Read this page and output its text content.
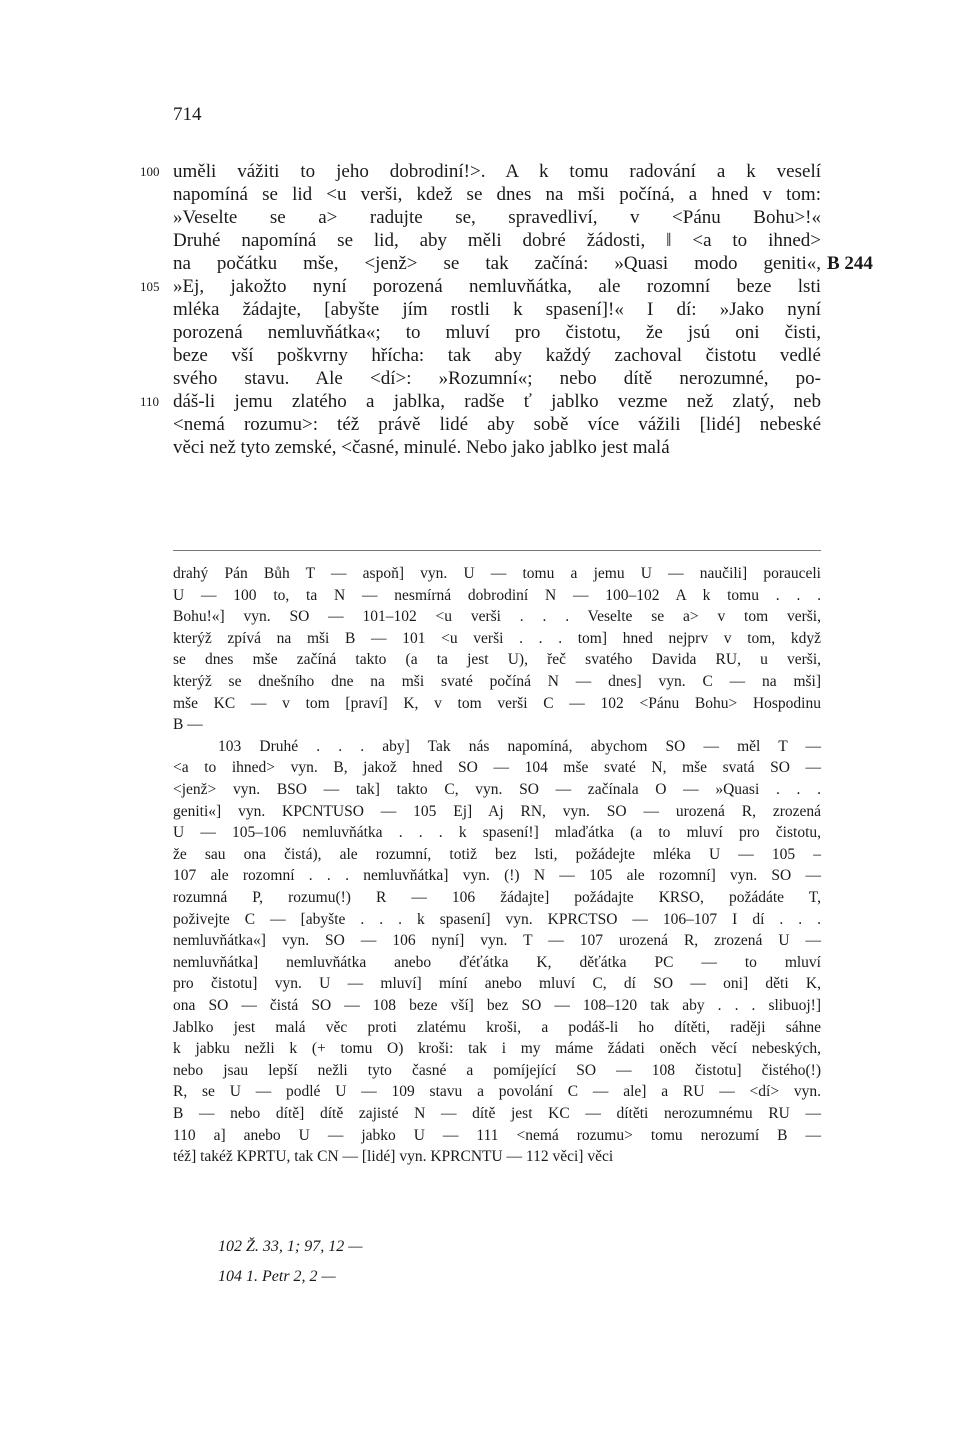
714
100 uměli vážiti to jeho dobrodiní!>. A k tomu radování a k veselí
napomíná se lid <u verši, kdež se dnes na mši počíná, a hned v tom:
»Veselte se a> radujte se, spravedliví, v <Pánu Bohu>!«
Druhé napomíná se lid, aby měli dobré žádosti, ‖ <a to ihned>
na počátku mše, <jenž> se tak začíná: »Quasi modo geniti«,
105 »Ej, jakožto nyní porozená nemluvňátka, ale rozomní beze lsti
mléka žádajte, [abyšte jím rostli k spasení]!« I dí: »Jako nyní
porozená nemluvňátka«; to mluví pro čistotu, že jsú oni čisti,
beze vší poškvrny hřícha: tak aby každý zachoval čistotu vedlé
svého stavu. Ale <dí>: »Rozumní«; nebo dítě nerozumné, po-
110 dáš-li jemu zlatého a jablka, radše ť jablko vezme než zlatý, neb
<nemá rozumu>: též právě lidé aby sobě více vážili [lidé] nebeské
věci než tyto zemské, <časné, minulé. Nebo jako jablko jest malá
B 244
drahý Pán Bůh T — aspoň] vyn. U — tomu a jemu U — naučili] porauceli
U — 100 to, ta N — nesmírná dobrodiní N — 100–102 A k tomu . . .
Bohu!«] vyn. SO — 101–102 <u verši . . . Veselte se a> v tom verši,
kterýž zpívá na mši B — 101 <u verši . . . tom] hned nejprv v tom, když
se dnes mše začíná takto (a ta jest U), řeč svatého Davida RU, u verši,
kterýž se dnešního dne na mši svaté počíná N — dnes] vyn. C — na mši]
mše KC — v tom [praví] K, v tom verši C — 102 <Pánu Bohu> Hospodinu
B —
103 Druhé . . . aby] Tak nás napomíná, abychom SO — měl T —
<a to ihned> vyn. B, jakož hned SO — 104 mše svaté N, mše svatá SO —
<jenž> vyn. BSO — tak] takto C, vyn. SO — začínala O — »Quasi . . .
geniti«] vyn. KPCNTUSO — 105 Ej] Aj RN, vyn. SO — urozená R, zrozená
U — 105–106 nemluvňátka . . . k spasení!] mlaďátka (a to mluví pro čistotu,
že sau ona čistá), ale rozumní, totiž bez lsti, požádejte mléka U — 105 –
107 ale rozomní . . . nemluvňátka] vyn. (!) N — 105 ale rozomní] vyn. SO —
rozumná P, rozumu(!) R — 106 žádajte] požádajte KRSO, požádáte T,
poživejte C — [abyšte . . . k spasení] vyn. KPRCTSO — 106–107 I dí . . .
nemluvňátka«] vyn. SO — 106 nyní] vyn. T — 107 urozená R, zrozená U —
nemluvňátka] nemluvňátka anebo ďéťátka K, děťátka PC — to mluví
pro čistotu] vyn. U — mluví] míní anebo mluví C, dí SO — oni] děti K,
ona SO — čistá SO — 108 beze vší] bez SO — 108–120 tak aby . . . slibuoj!]
Jablko jest malá věc proti zlatému kroši, a podáš-li ho dítěti, raději sáhne
k jabku nežli k (+ tomu O) kroši: tak i my máme žádati oněch věcí nebeských,
nebo jsau lepší nežli tyto časné a pomíjející SO — 108 čistotu] čistého(!)
R, se U — podlé U — 109 stavu a povolání C — ale] a RU — <dí> vyn.
B — nebo dítě] dítě zajisté N — dítě jest KC — dítěti nerozumnému RU —
110 a] anebo U — jabko U — 111 <nemá rozumu> tomu nerozumí B —
též] takéž KPRTU, tak CN — [lidé] vyn. KPRCNTU — 112 věci] věci
102 Ž. 33, 1; 97, 12 —
104 1. Petr 2, 2 —
